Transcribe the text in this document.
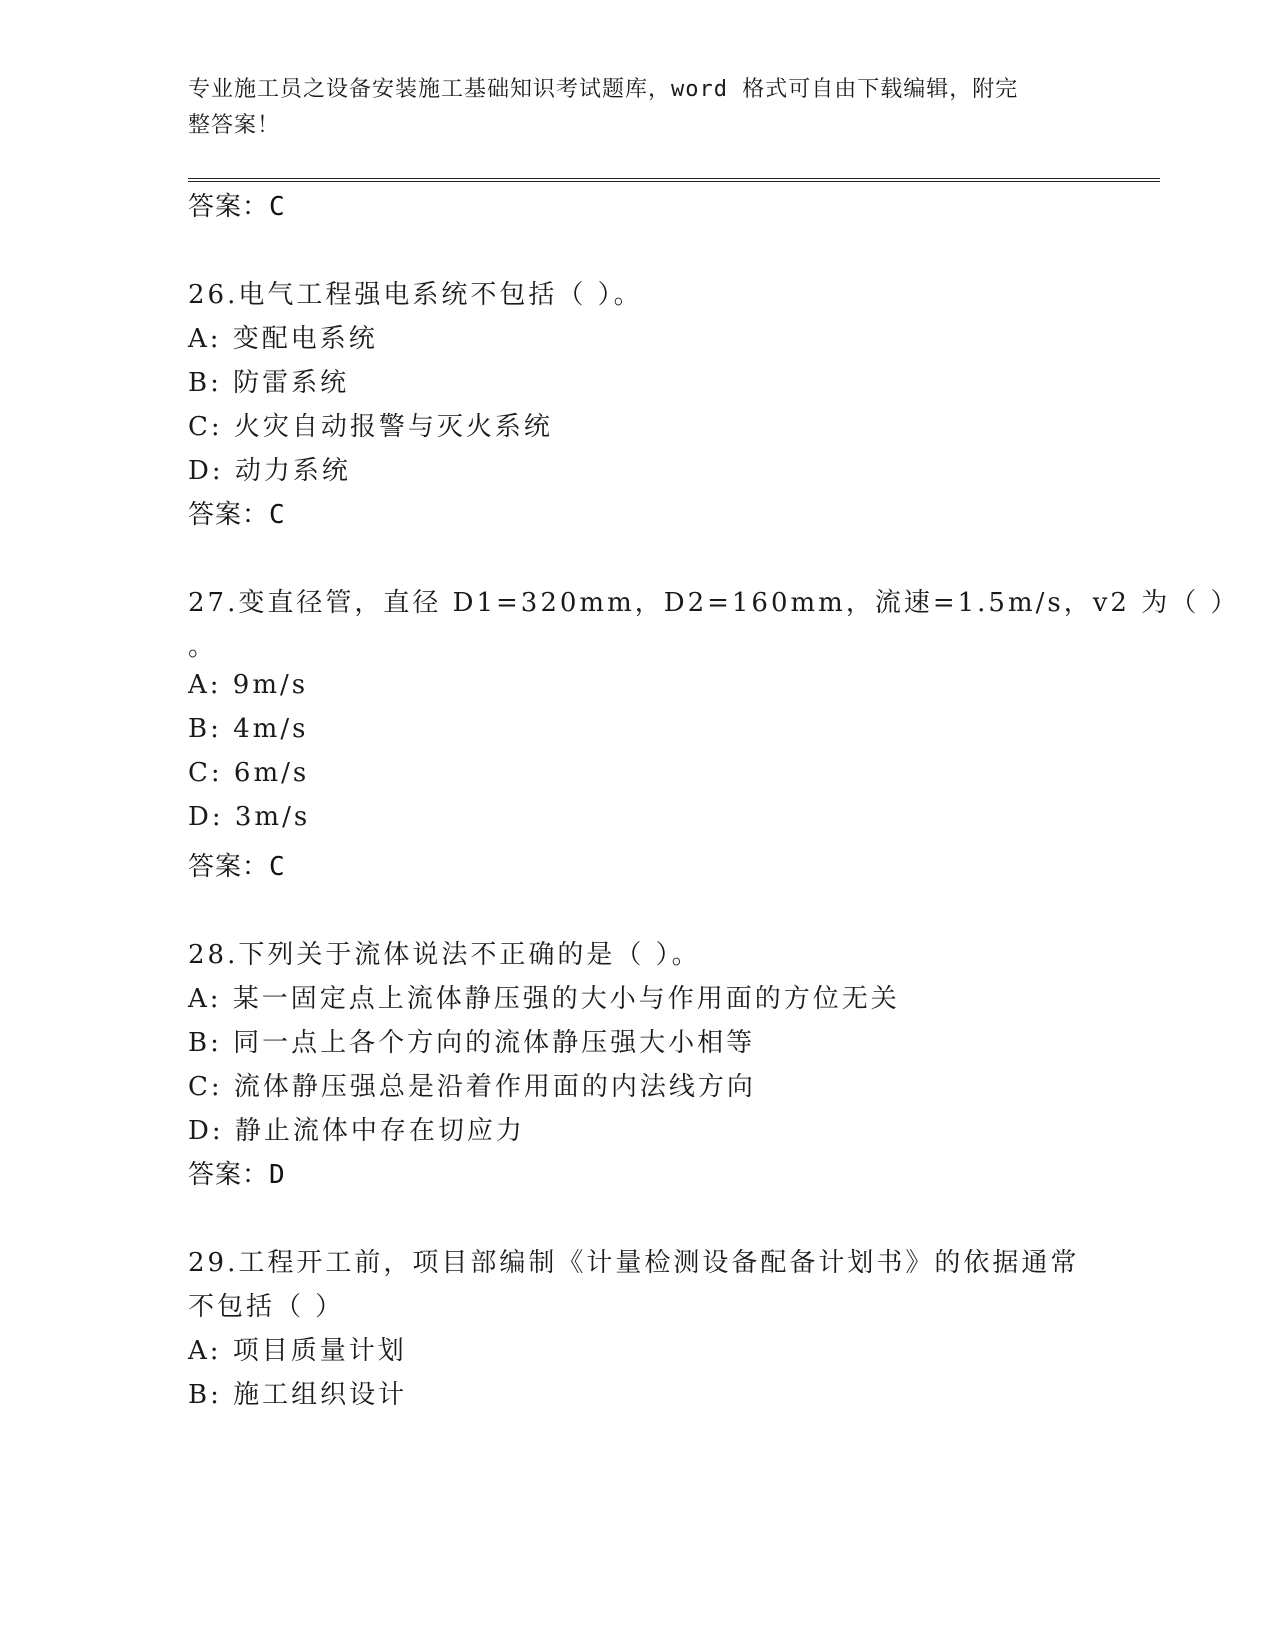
专业施工员之设备安装施工基础知识考试题库，word 格式可自由下载编辑，附完
整答案！
答案：C
26.电气工程强电系统不包括（ ）。
A: 变配电系统
B: 防雷系统
C: 火灾自动报警与灭火系统
D: 动力系统
答案：C
27.变直径管，直径 D1=320mm，D2=160mm，流速=1.5m/s，v2 为（ ）
。
A: 9m/s
B: 4m/s
C: 6m/s
D: 3m/s
答案：C
28.下列关于流体说法不正确的是（ ）。
A: 某一固定点上流体静压强的大小与作用面的方位无关
B: 同一点上各个方向的流体静压强大小相等
C: 流体静压强总是沿着作用面的内法线方向
D: 静止流体中存在切应力
答案：D
29.工程开工前，项目部编制《计量检测设备配备计划书》的依据通常
不包括（ ）
A: 项目质量计划
B: 施工组织设计
